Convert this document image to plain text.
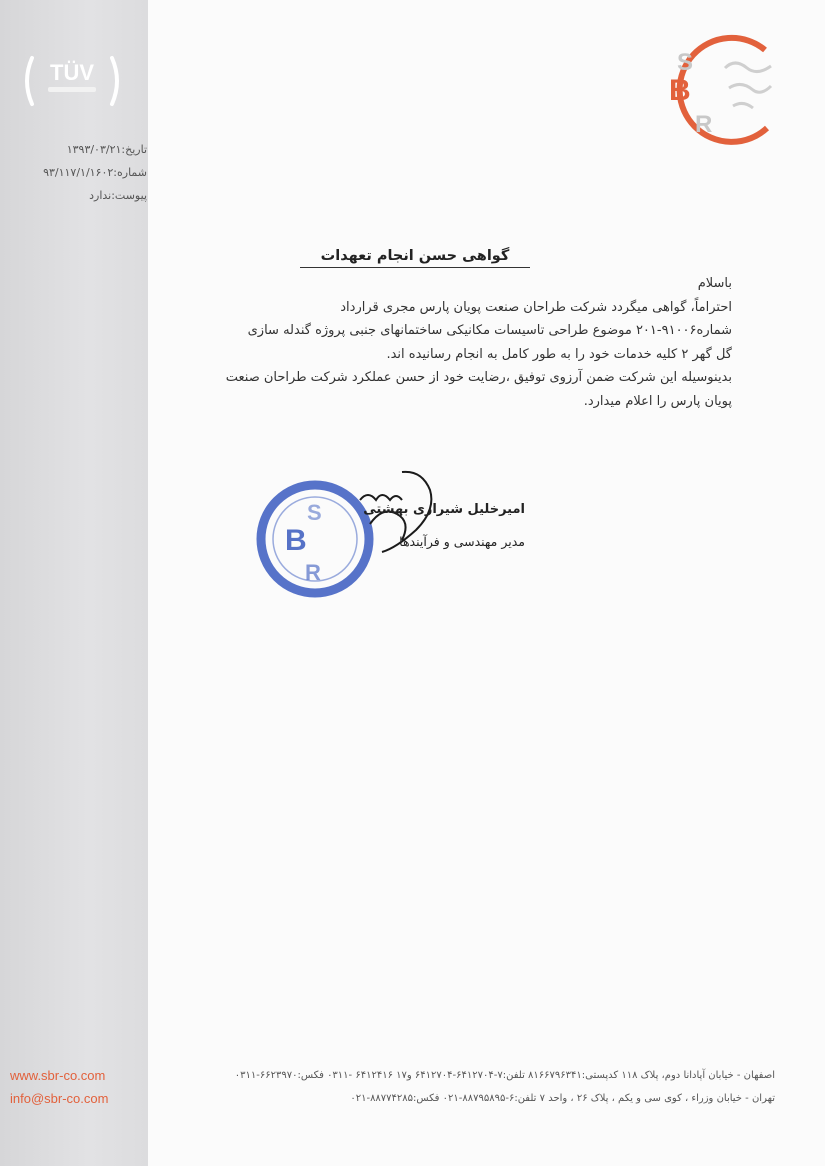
TÜV
تاریخ:۱۳۹۳/۰۳/۲۱
شماره:۹۳/۱۱۷/۱/۱۶۰۲
پیوست:ندارد
B
S
R
گواهی حسن انجام تعهدات

باسلام

احتراماً، گواهی میگردد شرکت طراحان صنعت پویان پارس مجری قرارداد

شماره۹۱۰۰۶-۲۰۱ موضوع طراحی تاسیسات مکانیکی ساختمانهای جنبی پروژه گندله سازی

گل گهر ۲ کلیه خدمات خود را به طور کامل به انجام رسانیده اند.

بدینوسیله این شرکت ضمن آرزوی توفیق ،رضایت خود از حسن عملکرد شرکت طراحان صنعت

پویان پارس را اعلام میدارد.

B
S
R
امیرخلیل شیرازی بهشتی
مدیر مهندسی و فرآیندها
www.sbr-co.com
info@sbr-co.com
اصفهان - خیابان آپادانا دوم، پلاک ۱۱۸ کدپستی:۸۱۶۶۷۹۶۳۴۱ تلفن:۷-۶۴۱۲۷۰۴-۶۴۱۲۷۰۴ و۱۷ ۶۴۱۲۴۱۶ -۰۳۱۱ فکس:۶۶۲۳۹۷۰-۰۳۱۱
تهران - خیابان وزراء ، کوی سی و یکم ، پلاک ۲۶ ، واحد ۷ تلفن:۶-۸۸۷۹۵۸۹۵-۰۲۱ فکس:۸۸۷۷۴۲۸۵-۰۲۱
